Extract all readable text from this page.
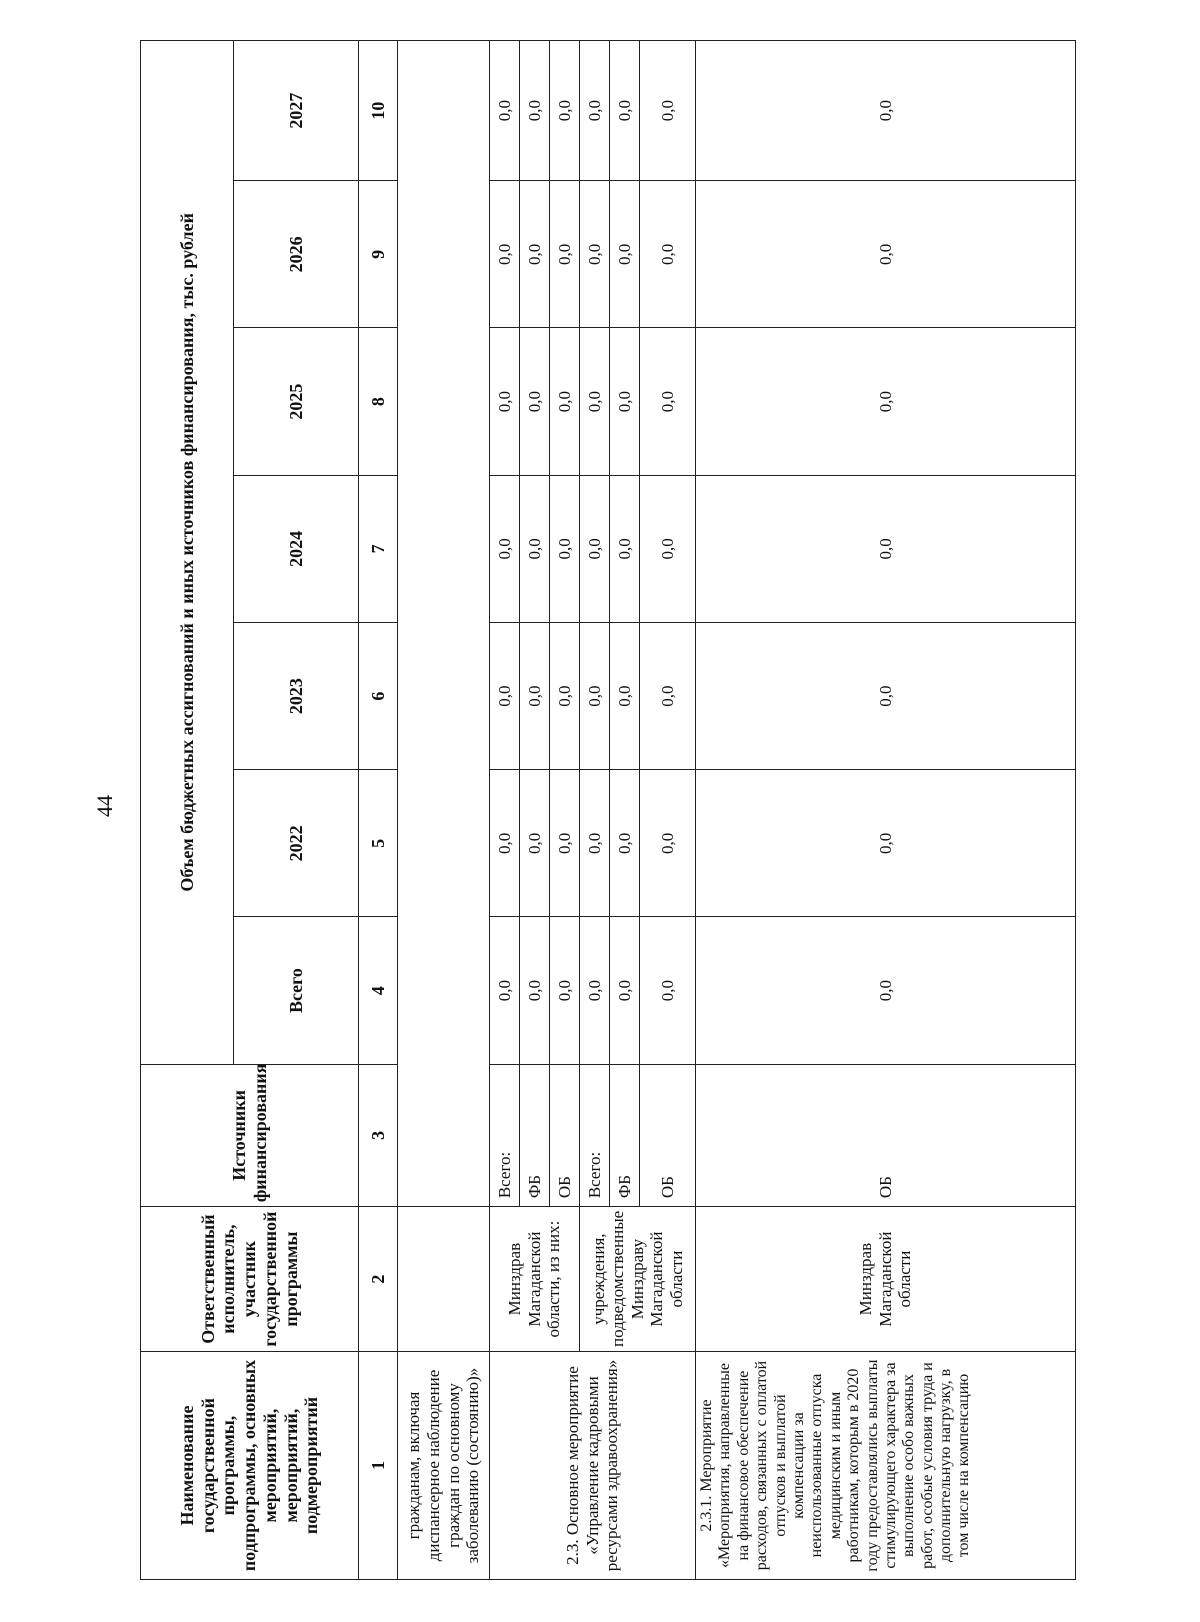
44
Наименование государственной программы, подпрограммы, основных мероприятий, мероприятий, подмероприятий	Ответственный исполнитель, участник государственной программы	Источники финансирования	Объем бюджетных ассигнований и иных источников финансирования, тыс. рублей						
			Всего	2022	2023	2024	2025	2026	2027
1	2	3	4	5	6	7	8	9	10
гражданам, включая диспансерное наблюдение граждан по основному заболеванию (состоянию)»									
2.3. Основное мероприятие «Управление кадровыми ресурсами здравоохранения»	Минздрав Магаданской области, из них:	Всего:	0,0	0,0	0,0	0,0	0,0	0,0	0,0
		ФБ	0,0	0,0	0,0	0,0	0,0	0,0	0,0
		ОБ	0,0	0,0	0,0	0,0	0,0	0,0	0,0
	учреждения, подведомственные Минздраву Магаданской области	Всего:	0,0	0,0	0,0	0,0	0,0	0,0	0,0
		ФБ	0,0	0,0	0,0	0,0	0,0	0,0	0,0
		ОБ	0,0	0,0	0,0	0,0	0,0	0,0	0,0
2.3.1. Мероприятие «Мероприятия, направленные на финансовое обеспечение расходов, связанных с оплатой отпусков и выплатой компенсации за неиспользованные отпуска медицинским и иным работникам, которым в 2020 году предоставлялись выплаты стимулирующего характера за выполнение особо важных работ, особые условия труда и дополнительную нагрузку, в том числе на компенсацию	Минздрав Магаданской области	ОБ	0,0	0,0	0,0	0,0	0,0	0,0	0,0
